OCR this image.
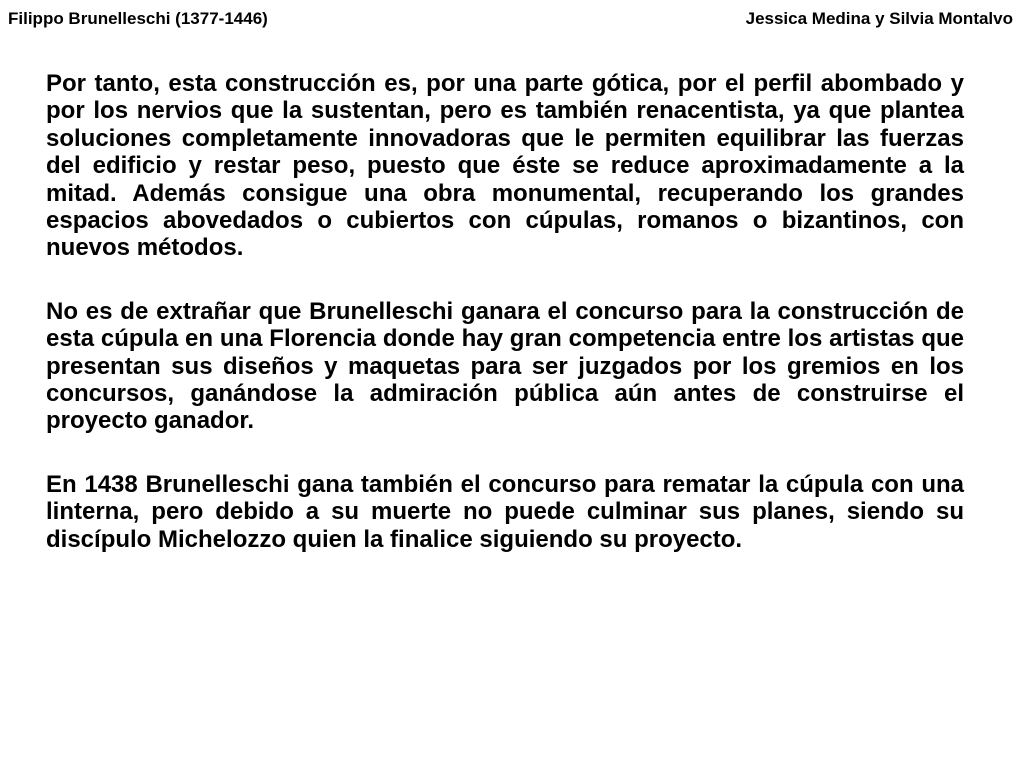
Filippo Brunelleschi (1377-1446)	Jessica Medina y Silvia Montalvo

Por tanto, esta construcción es, por una parte gótica, por el perfil abombado y por los nervios que la sustentan, pero es también renacentista, ya que plantea soluciones completamente innovadoras que le permiten equilibrar las fuerzas del edificio y restar peso, puesto que éste se reduce aproximadamente a la mitad. Además consigue una obra monumental, recuperando los grandes espacios abovedados o cubiertos con cúpulas, romanos o bizantinos, con nuevos métodos.

No es de extrañar que Brunelleschi ganara el concurso para la construcción de esta cúpula en una Florencia donde hay gran competencia entre los artistas que presentan sus diseños y maquetas para ser juzgados por los gremios en los concursos, ganándose la admiración pública aún antes de construirse el proyecto ganador.

En 1438 Brunelleschi gana también el concurso para rematar la cúpula con una linterna, pero debido a su muerte no puede culminar sus planes, siendo su discípulo Michelozzo quien la finalice siguiendo su proyecto.
